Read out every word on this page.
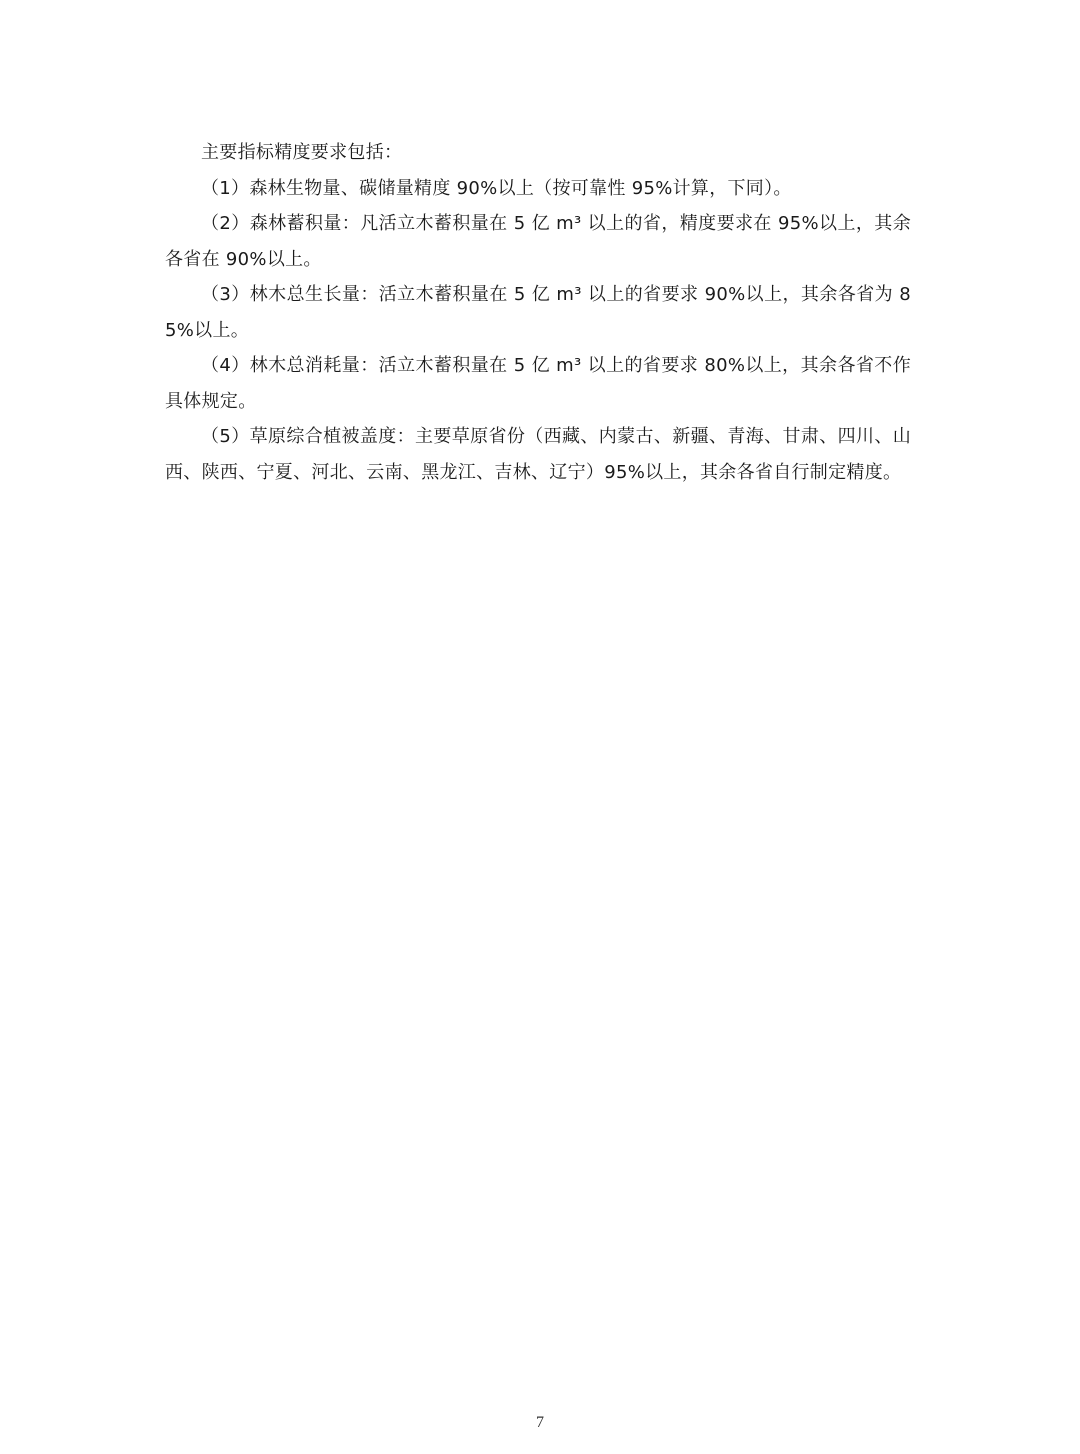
主要指标精度要求包括：

（1）森林生物量、碳储量精度 90%以上（按可靠性 95%计算，下同）。

（2）森林蓄积量：凡活立木蓄积量在 5 亿 m³ 以上的省，精度要求在 95%以上，其余各省在 90%以上。

（3）林木总生长量：活立木蓄积量在 5 亿 m³ 以上的省要求 90%以上，其余各省为 85%以上。

（4）林木总消耗量：活立木蓄积量在 5 亿 m³ 以上的省要求 80%以上，其余各省不作具体规定。

（5）草原综合植被盖度：主要草原省份（西藏、内蒙古、新疆、青海、甘肃、四川、山西、陕西、宁夏、河北、云南、黑龙江、吉林、辽宁）95%以上，其余各省自行制定精度。

7
